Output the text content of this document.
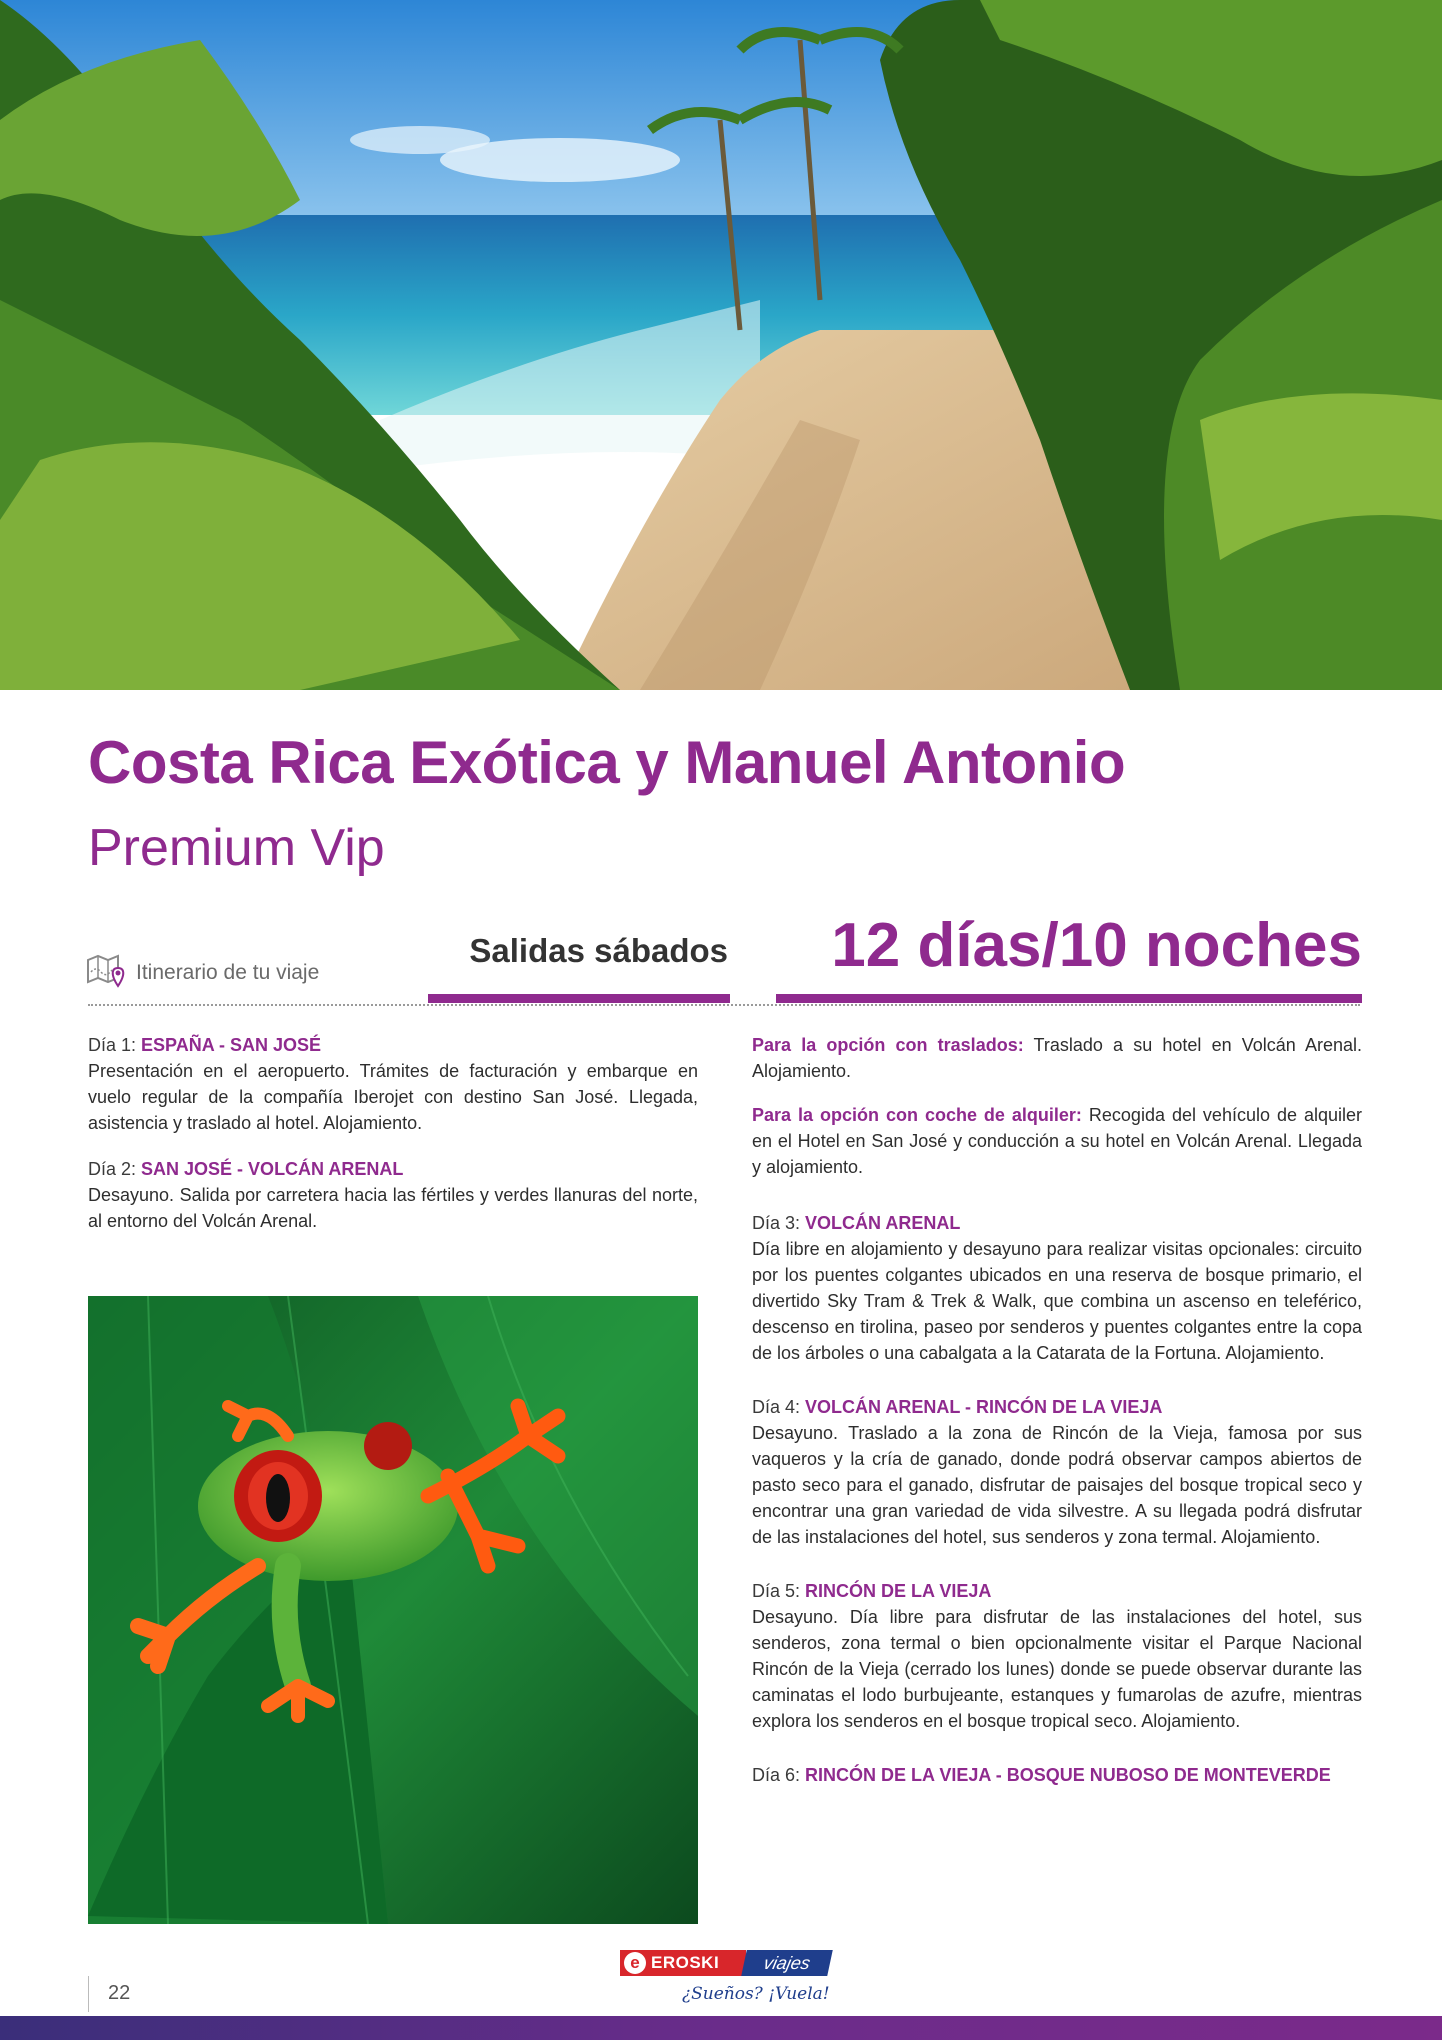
Costa Rica Exótica y Manuel Antonio
Premium Vip
Itinerario de tu viaje
Salidas sábados	12 días/10 noches

Día 1: ESPAÑA - SAN JOSÉ

Presentación en el aeropuerto. Trámites de facturación y embarque en vuelo regular de la compañía Iberojet con destino San José. Llegada, asistencia y traslado al hotel. Alojamiento.

Día 2: SAN JOSÉ - VOLCÁN ARENAL

Desayuno. Salida por carretera hacia las fértiles y verdes llanuras del norte, al entorno del Volcán Arenal.

Para la opción con traslados: Traslado a su hotel en Volcán Arenal. Alojamiento.

Para la opción con coche de alquiler: Recogida del vehículo de alquiler en el Hotel en San José y conducción a su hotel en Volcán Arenal. Llegada y alojamiento.

Día 3: VOLCÁN ARENAL

Día libre en alojamiento y desayuno para realizar visitas opcionales: circuito por los puentes colgantes ubicados en una reserva de bosque primario, el divertido Sky Tram & Trek & Walk, que combina un ascenso en teleférico, descenso en tirolina, paseo por senderos y puentes colgantes entre la copa de los árboles o una cabalgata a la Catarata de la Fortuna. Alojamiento.

Día 4: VOLCÁN ARENAL - RINCÓN DE LA VIEJA

Desayuno. Traslado a la zona de Rincón de la Vieja, famosa por sus vaqueros y la cría de ganado, donde podrá observar campos abiertos de pasto seco para el ganado, disfrutar de paisajes del bosque tropical seco y encontrar una gran variedad de vida silvestre. A su llegada podrá disfrutar de las instalaciones del hotel, sus senderos y zona termal. Alojamiento.

Día 5: RINCÓN DE LA VIEJA

Desayuno. Día libre para disfrutar de las instalaciones del hotel, sus senderos, zona termal o bien opcionalmente visitar el Parque Nacional Rincón de la Vieja (cerrado los lunes) donde se puede observar durante las caminatas el lodo burbujeante, estanques y fumarolas de azufre, mientras explora los senderos en el bosque tropical seco. Alojamiento.

Día 6: RINCÓN DE LA VIEJA - BOSQUE NUBOSO DE MONTEVERDE

22
e EROSKI	viajes
¿Sueños? ¡Vuela!
